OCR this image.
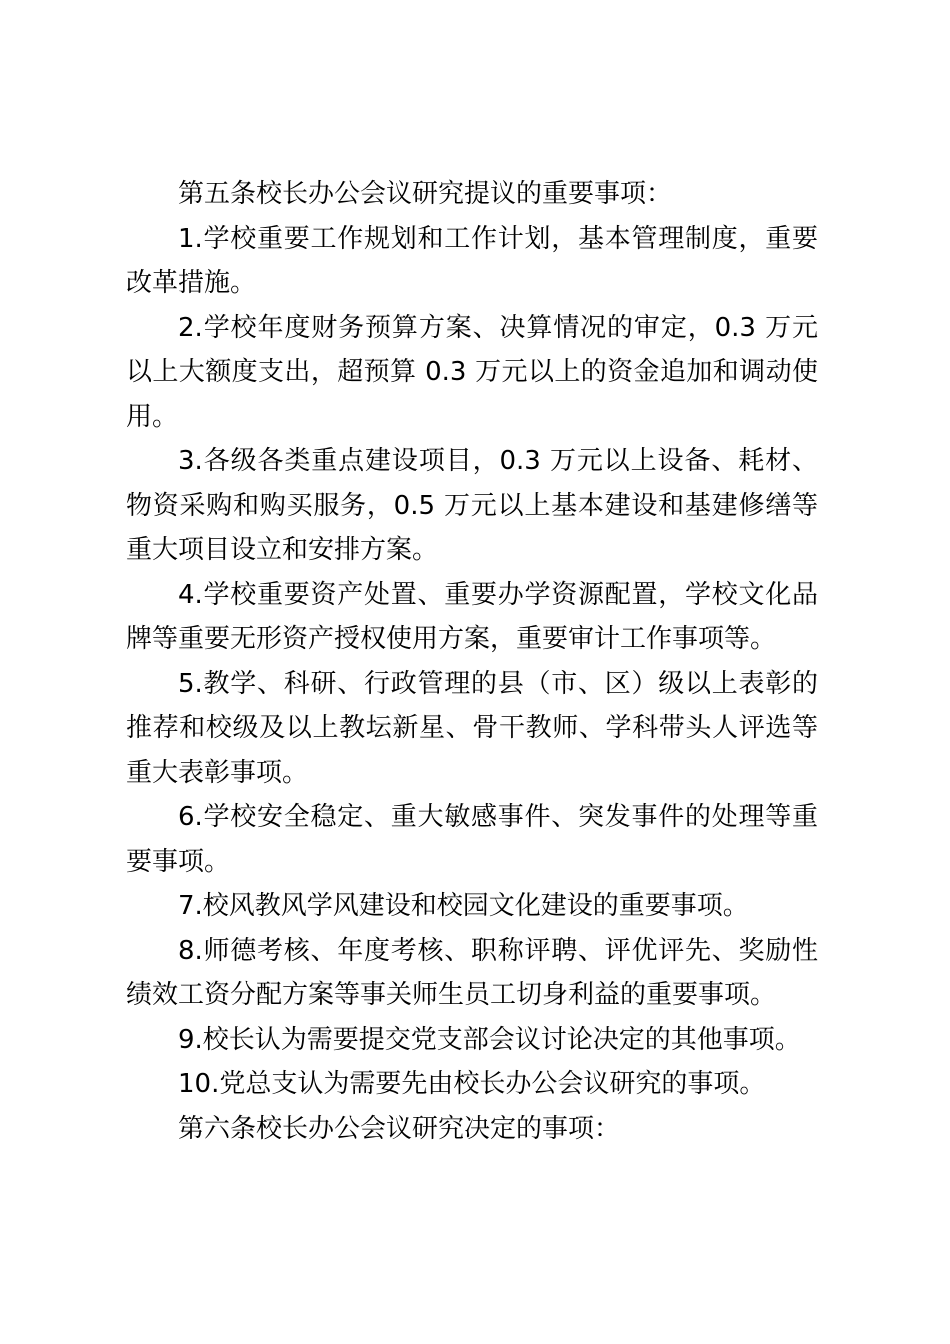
第五条校长办公会议研究提议的重要事项：

1.学校重要工作规划和工作计划，基本管理制度，重要改革措施。

2.学校年度财务预算方案、决算情况的审定，0.3 万元以上大额度支出，超预算 0.3 万元以上的资金追加和调动使用。

3.各级各类重点建设项目，0.3 万元以上设备、耗材、物资采购和购买服务，0.5 万元以上基本建设和基建修缮等重大项目设立和安排方案。

4.学校重要资产处置、重要办学资源配置，学校文化品牌等重要无形资产授权使用方案，重要审计工作事项等。

5.教学、科研、行政管理的县（市、区）级以上表彰的推荐和校级及以上教坛新星、骨干教师、学科带头人评选等重大表彰事项。

6.学校安全稳定、重大敏感事件、突发事件的处理等重要事项。

7.校风教风学风建设和校园文化建设的重要事项。

8.师德考核、年度考核、职称评聘、评优评先、奖励性绩效工资分配方案等事关师生员工切身利益的重要事项。

9.校长认为需要提交党支部会议讨论决定的其他事项。

10.党总支认为需要先由校长办公会议研究的事项。

第六条校长办公会议研究决定的事项：
